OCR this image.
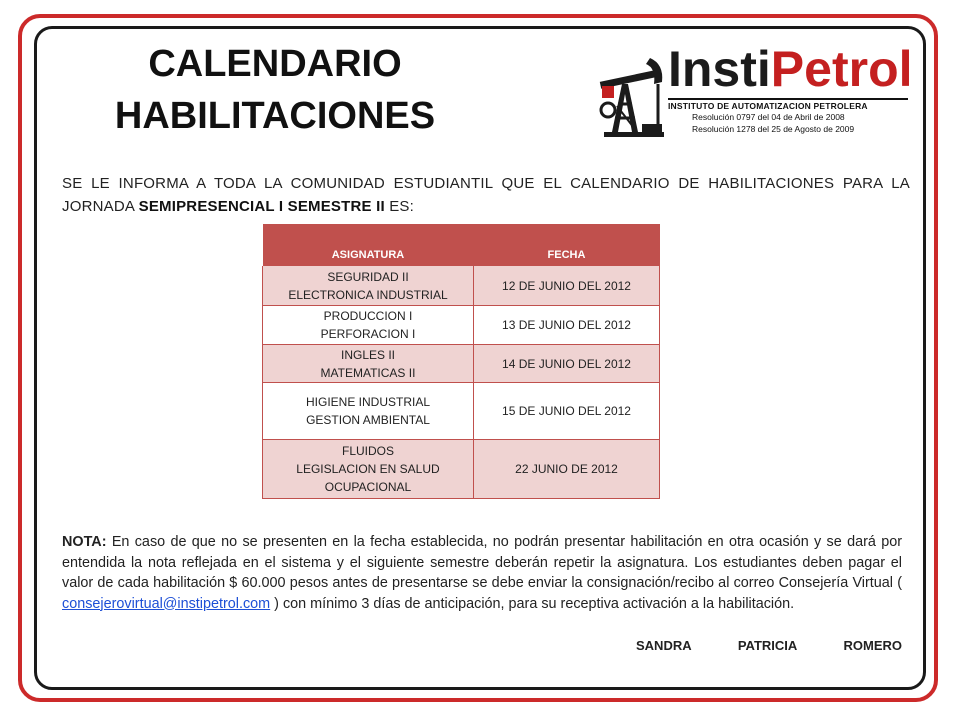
CALENDARIO
HABILITACIONES
InstiPetrol
INSTITUTO DE AUTOMATIZACION PETROLERA
Resolución 0797 del 04 de Abril de 2008
Resolución 1278 del 25 de Agosto de 2009

SE LE INFORMA A TODA LA COMUNIDAD ESTUDIANTIL QUE EL CALENDARIO DE HABILITACIONES PARA LA JORNADA SEMIPRESENCIAL I SEMESTRE II ES:

ASIGNATURA	FECHA
SEGURIDAD II
ELECTRONICA INDUSTRIAL	12 DE JUNIO DEL 2012
PRODUCCION I
PERFORACION I	13 DE JUNIO DEL 2012
INGLES II
MATEMATICAS II	14 DE JUNIO DEL 2012
HIGIENE INDUSTRIAL
GESTION AMBIENTAL	15 DE JUNIO DEL 2012
FLUIDOS
LEGISLACION EN SALUD
OCUPACIONAL	22 JUNIO DE 2012

NOTA: En caso de que no se presenten en la fecha establecida, no podrán presentar habilitación en otra ocasión y se dará por entendida la nota reflejada en el sistema y el siguiente semestre deberán repetir la asignatura. Los estudiantes deben pagar el valor de cada habilitación $ 60.000 pesos antes de presentarse se debe enviar la consignación/recibo al correo Consejería Virtual ( consejerovirtual@instipetrol.com ) con mínimo 3 días de anticipación, para su receptiva activación a la habilitación.

SANDRA	PATRICIA	ROMERO
